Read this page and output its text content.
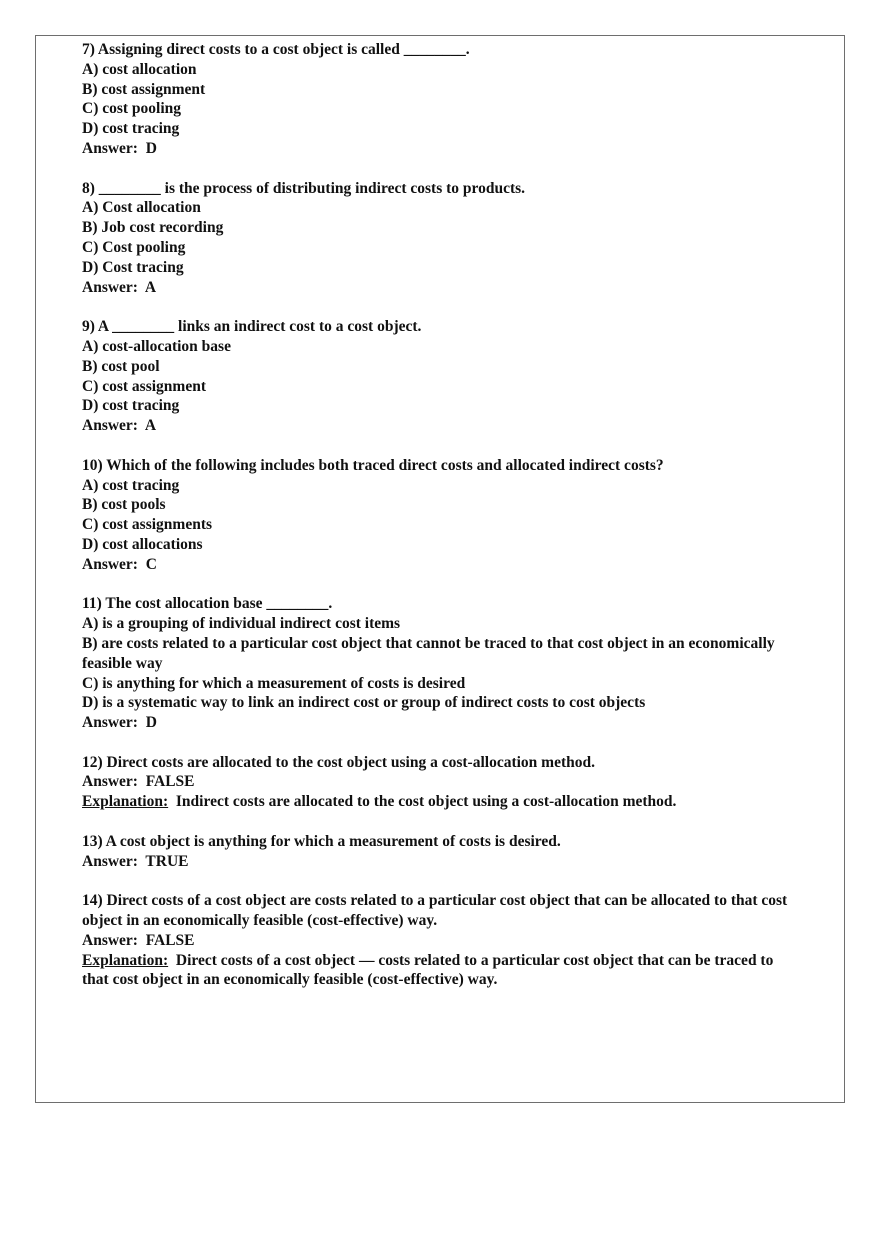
7) Assigning direct costs to a cost object is called ________.
A) cost allocation
B) cost assignment
C) cost pooling
D) cost tracing
Answer:  D
8) ________ is the process of distributing indirect costs to products.
A) Cost allocation
B) Job cost recording
C) Cost pooling
D) Cost tracing
Answer:  A
9) A ________ links an indirect cost to a cost object.
A) cost-allocation base
B) cost pool
C) cost assignment
D) cost tracing
Answer:  A
10) Which of the following includes both traced direct costs and allocated indirect costs?
A) cost tracing
B) cost pools
C) cost assignments
D) cost allocations
Answer:  C
11) The cost allocation base ________.
A) is a grouping of individual indirect cost items
B) are costs related to a particular cost object that cannot be traced to that cost object in an economically feasible way
C) is anything for which a measurement of costs is desired
D) is a systematic way to link an indirect cost or group of indirect costs to cost objects
Answer:  D
12) Direct costs are allocated to the cost object using a cost-allocation method.
Answer:  FALSE
Explanation:  Indirect costs are allocated to the cost object using a cost-allocation method.
13) A cost object is anything for which a measurement of costs is desired.
Answer:  TRUE
14) Direct costs of a cost object are costs related to a particular cost object that can be allocated to that cost object in an economically feasible (cost-effective) way.
Answer:  FALSE
Explanation:  Direct costs of a cost object — costs related to a particular cost object that can be traced to that cost object in an economically feasible (cost-effective) way.
